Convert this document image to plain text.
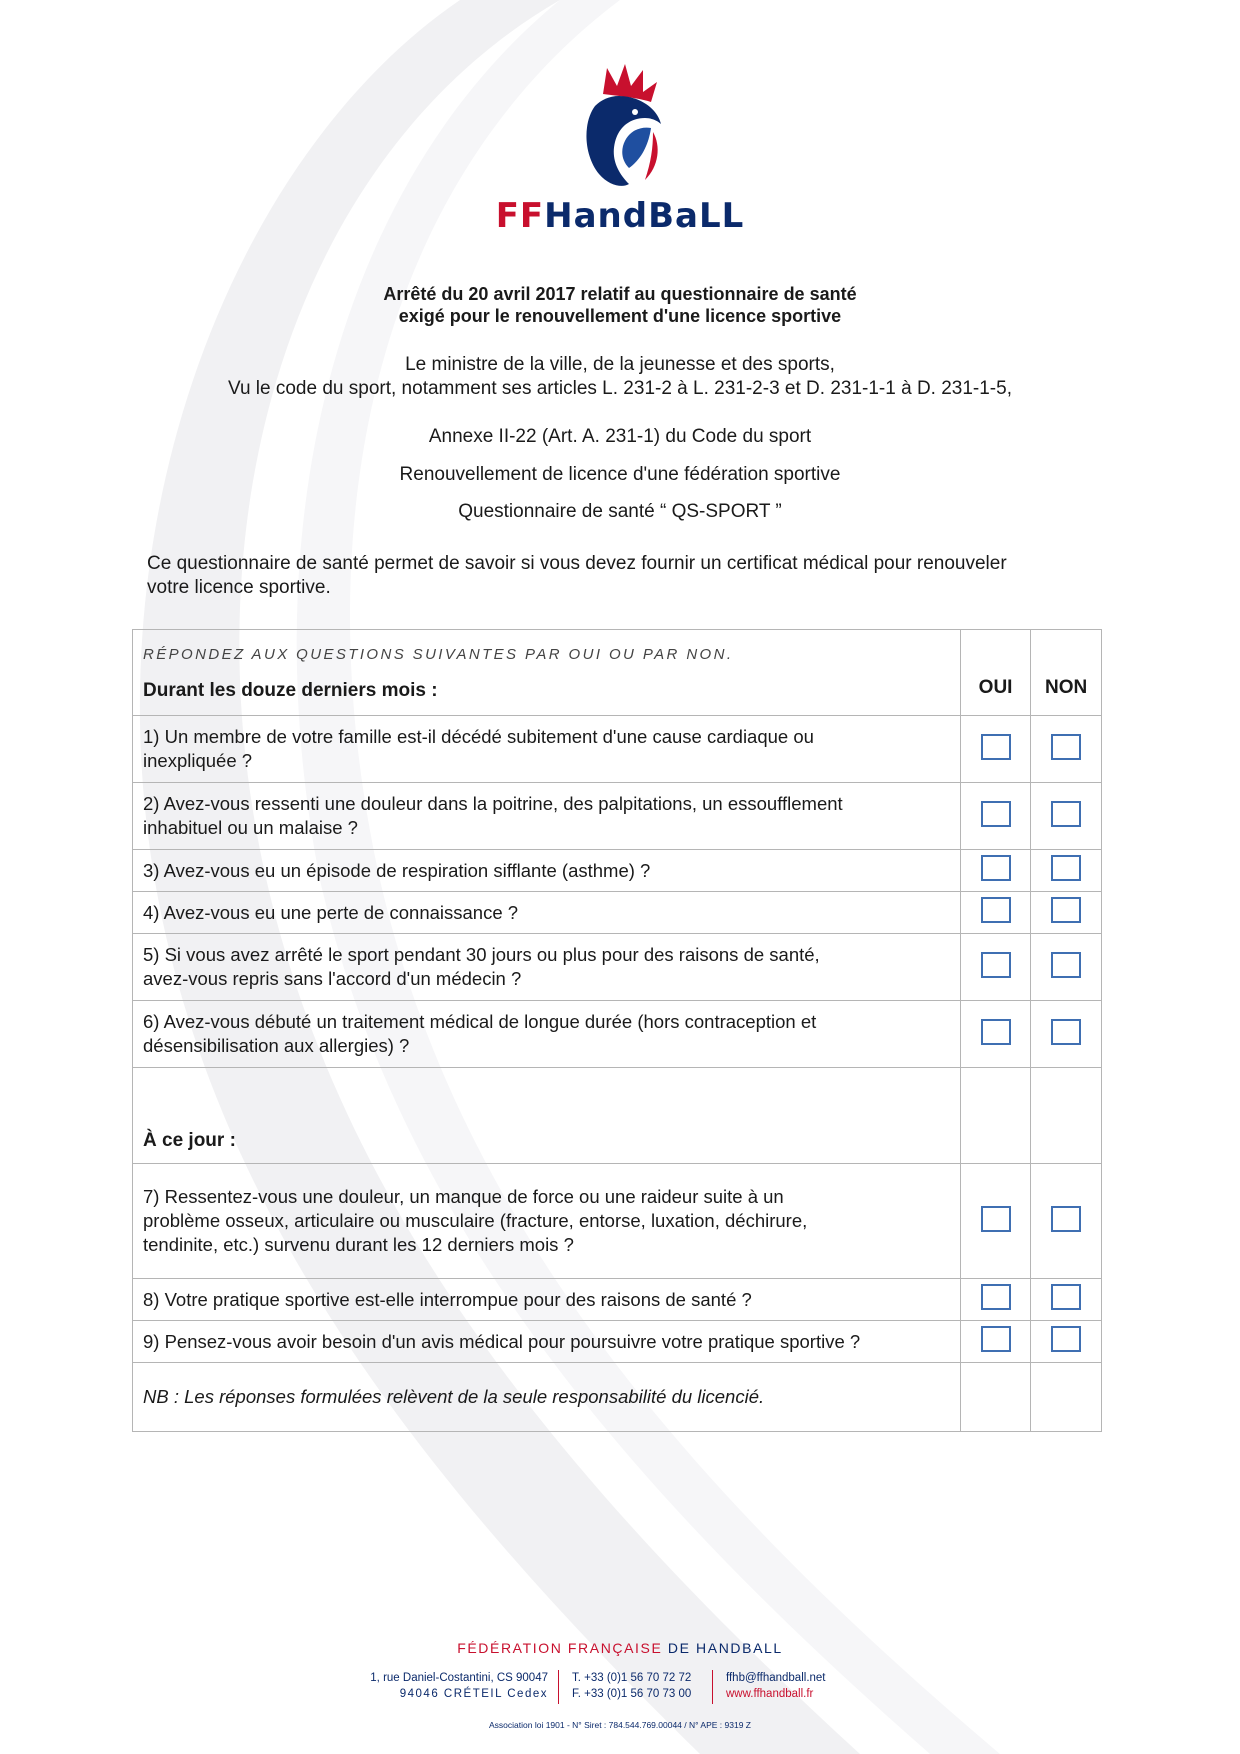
FFHandBaLL
Arrêté du 20 avril 2017 relatif au questionnaire de santé
exigé pour le renouvellement d'une licence sportive
Le ministre de la ville, de la jeunesse et des sports,
Vu le code du sport, notamment ses articles L. 231-2 à L. 231-2-3 et D. 231-1-1 à D. 231-1-5,
Annexe II-22 (Art. A. 231-1) du Code du sport
Renouvellement de licence d'une fédération sportive
Questionnaire de santé “ QS-SPORT ”
Ce questionnaire de santé permet de savoir si vous devez fournir un certificat médical pour renouveler
votre licence sportive.
RÉPONDEZ AUX QUESTIONS SUIVANTES PAR OUI OU PAR NON.
Durant les douze derniers mois :	OUI	NON

1) Un membre de votre famille est-il décédé subitement d'une cause cardiaque ou
inexpliquée ?		

2) Avez-vous ressenti une douleur dans la poitrine, des palpitations, un essoufflement
inhabituel ou un malaise ?		

3) Avez-vous eu un épisode de respiration sifflante (asthme) ?		
4) Avez-vous eu une perte de connaissance ?		

5) Si vous avez arrêté le sport pendant 30 jours ou plus pour des raisons de santé,
avez-vous repris sans l'accord d'un médecin ?		

6) Avez-vous débuté un traitement médical de longue durée (hors contraception et
désensibilisation aux allergies) ?		

À ce jour :		

7) Ressentez-vous une douleur, un manque de force ou une raideur suite à un
problème osseux, articulaire ou musculaire (fracture, entorse, luxation, déchirure,
tendinite, etc.) survenu durant les 12 derniers mois ?		

8) Votre pratique sportive est-elle interrompue pour des raisons de santé ?		
9) Pensez-vous avoir besoin d'un avis médical pour poursuivre votre pratique sportive ?		
NB : Les réponses formulées relèvent de la seule responsabilité du licencié.		
FÉDÉRATION FRANÇAISE DE HANDBALL
1, rue Daniel-Costantini, CS 90047
94046 CRÉTEIL Cedex
T. +33 (0)1 56 70 72 72
F. +33 (0)1 56 70 73 00
ffhb@ffhandball.net
www.ffhandball.fr
Association loi 1901 - N° Siret : 784.544.769.00044 / N° APE : 9319 Z
